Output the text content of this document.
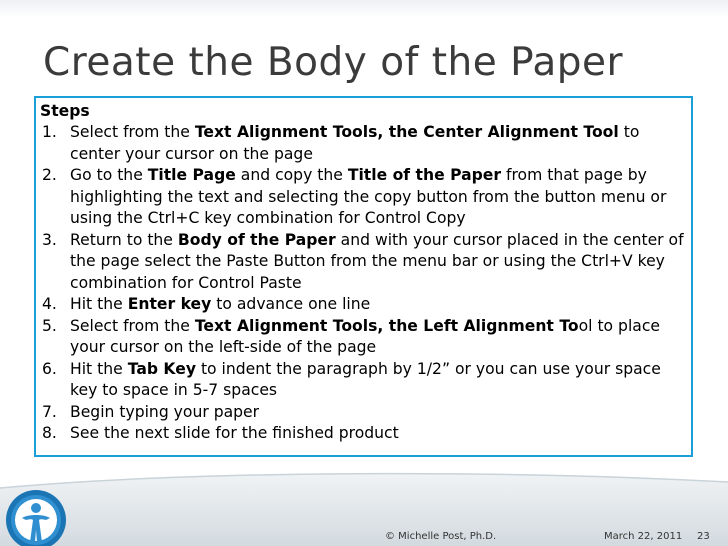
Create the Body of the Paper
Steps
1. Select from the Text Alignment Tools, the Center Alignment Tool to center your cursor on the page
2. Go to the Title Page and copy the Title of the Paper from that page by highlighting the text and selecting the copy button from the button menu or using the Ctrl+C key combination for Control Copy
3. Return to the Body of the Paper and with your cursor placed in the center of the page select the Paste Button from the menu bar or using the Ctrl+V key combination for Control Paste
4. Hit the Enter key to advance one line
5. Select from the Text Alignment Tools, the Left Alignment Tool to place your cursor on the left-side of the page
6. Hit the Tab Key to indent the paragraph by 1/2” or you can use your space key to space in 5-7 spaces
7. Begin typing your paper
8. See the next slide for the finished product
© Michelle Post, Ph.D.	March 22, 2011 23
